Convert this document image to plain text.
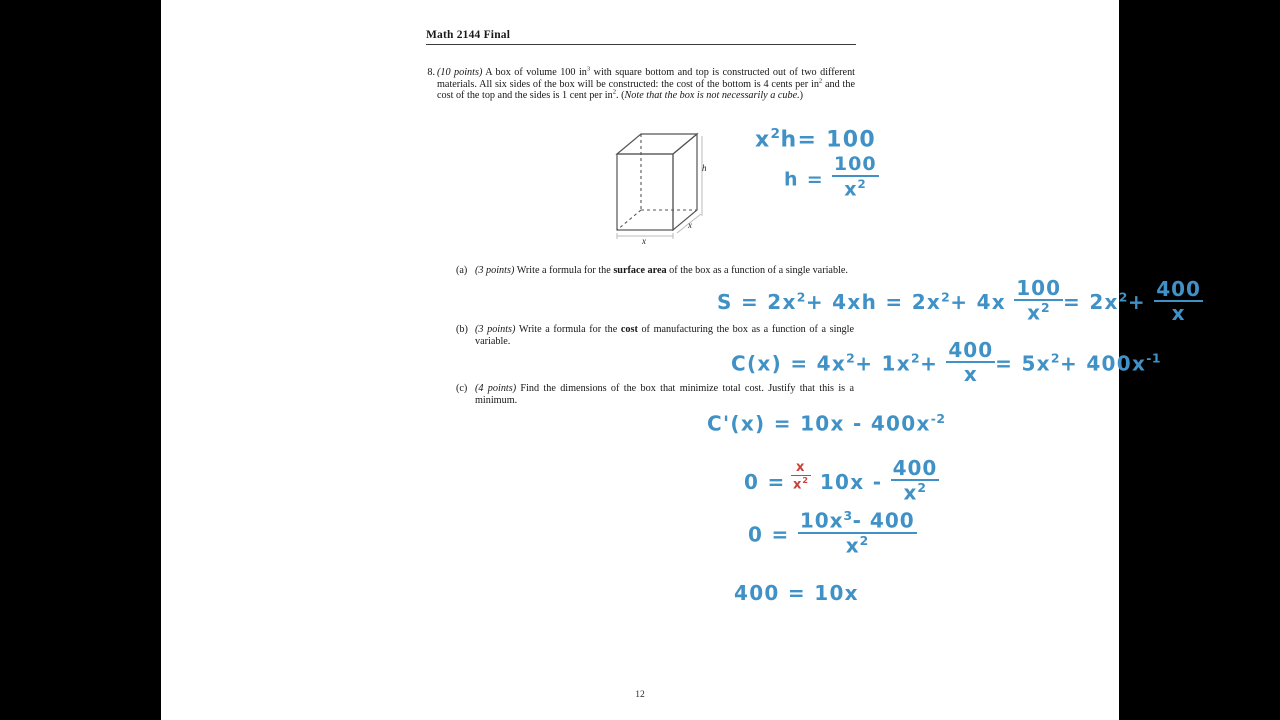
Math 2144 Final
8. (10 points) A box of volume 100 $in^3$ with square bottom and top is constructed out of two different materials. All six sides of the box will be constructed: the cost of the bottom is 4 cents per $in^2$ and the cost of the top and the sides is 1 cent per $in^2$. (Note that the box is not necessarily a cube.)
h
x
x
$x^2h= 100$
$h = \frac{100}{x^2}$
(a) (3 points) Write a formula for the surface area of the box as a function of a single variable.
$S = 2x^2+ 4xh = 2x^2+ 4x \frac{100}{x^2} = 2x^2+ \frac{400}{x}$
(b) (3 points) Write a formula for the cost of manufacturing the box as a function of a single variable.
$C(x) = 4x^2+ 1x^2+ \frac{400}{x} = 5x^2+ 400x^{-1}$
(c) (4 points) Find the dimensions of the box that minimize total cost. Justify that this is a minimum.
$C'(x) = 10x - 400x^{-2}$
$0 = 10x - \frac{400}{x^2}$
$\frac{x}{x^2}$
$0 = \frac{10x^3- 400}{x^2}$
400 = 10x
12
